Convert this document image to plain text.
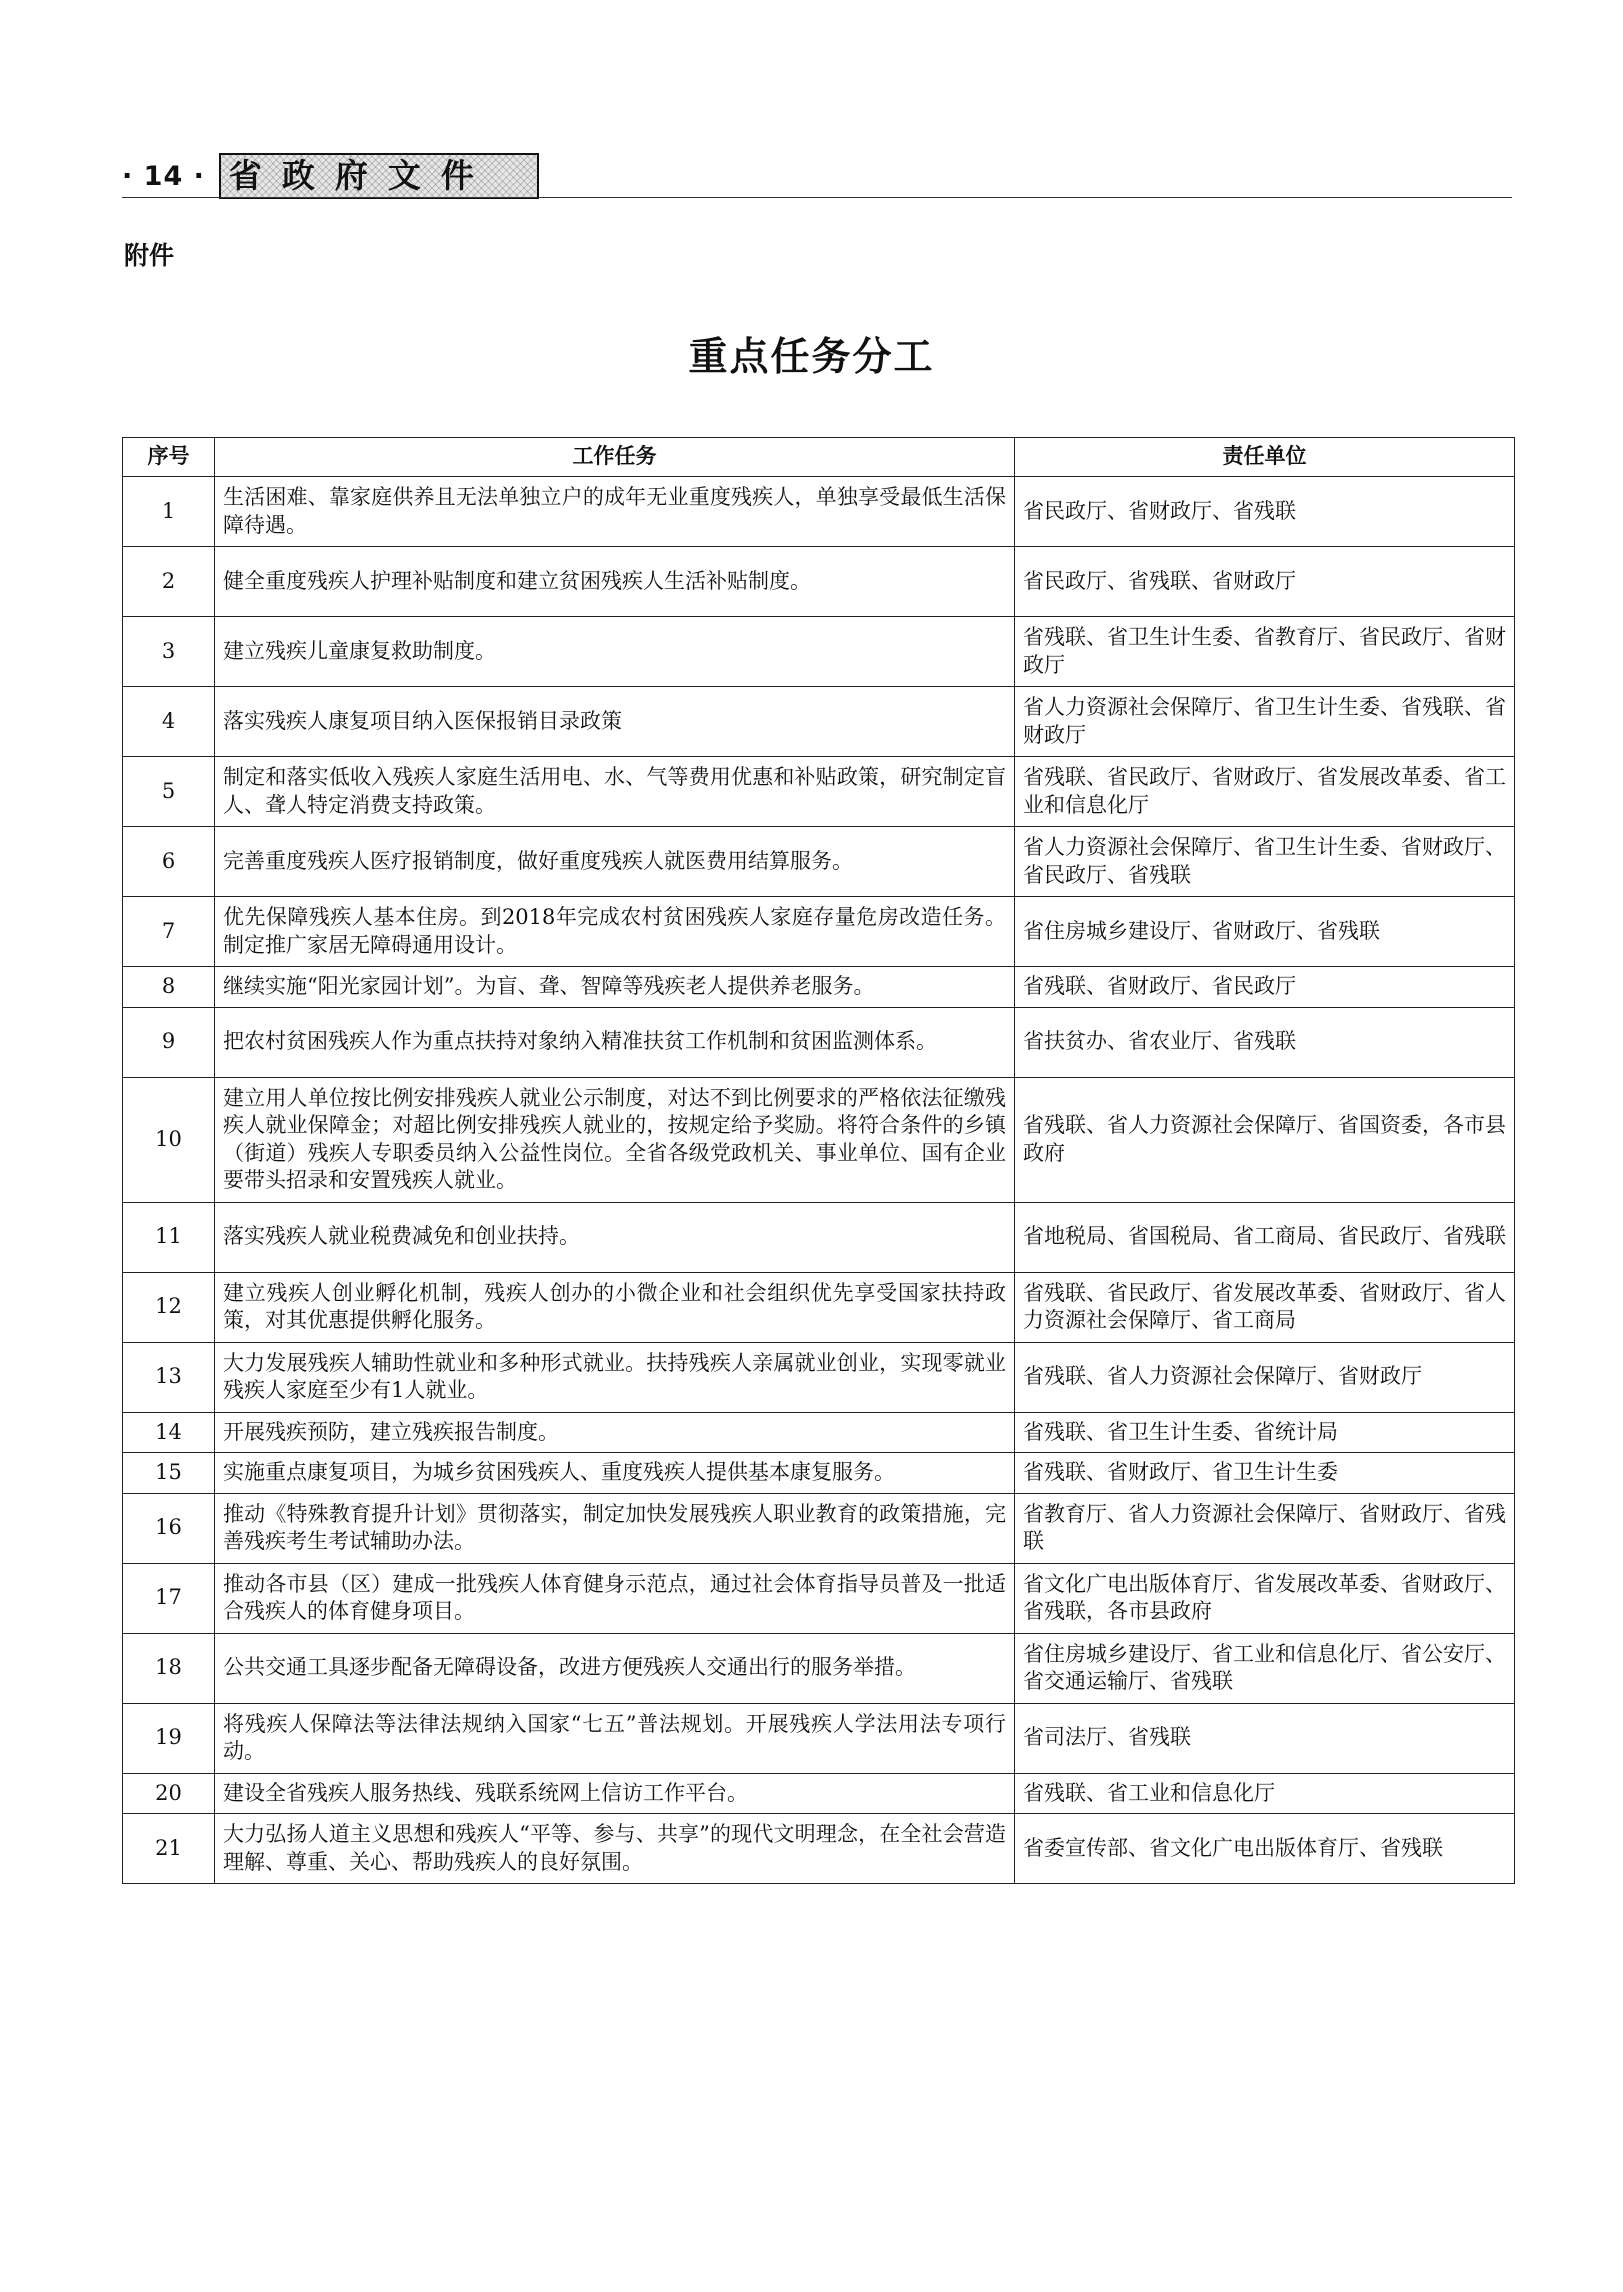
· 14 · 省政府文件
附件
重点任务分工
序号	工作任务	责任单位
1	生活困难、靠家庭供养且无法单独立户的成年无业重度残疾人，单独享受最低生活保障待遇。	省民政厅、省财政厅、省残联
2	健全重度残疾人护理补贴制度和建立贫困残疾人生活补贴制度。	省民政厅、省残联、省财政厅
3	建立残疾儿童康复救助制度。	省残联、省卫生计生委、省教育厅、省民政厅、省财政厅
4	落实残疾人康复项目纳入医保报销目录政策	省人力资源社会保障厅、省卫生计生委、省残联、省财政厅
5	制定和落实低收入残疾人家庭生活用电、水、气等费用优惠和补贴政策，研究制定盲人、聋人特定消费支持政策。	省残联、省民政厅、省财政厅、省发展改革委、省工业和信息化厅
6	完善重度残疾人医疗报销制度，做好重度残疾人就医费用结算服务。	省人力资源社会保障厅、省卫生计生委、省财政厅、省民政厅、省残联
7	优先保障残疾人基本住房。到2018年完成农村贫困残疾人家庭存量危房改造任务。制定推广家居无障碍通用设计。	省住房城乡建设厅、省财政厅、省残联
8	继续实施“阳光家园计划”。为盲、聋、智障等残疾老人提供养老服务。	省残联、省财政厅、省民政厅
9	把农村贫困残疾人作为重点扶持对象纳入精准扶贫工作机制和贫困监测体系。	省扶贫办、省农业厅、省残联
10	建立用人单位按比例安排残疾人就业公示制度，对达不到比例要求的严格依法征缴残疾人就业保障金；对超比例安排残疾人就业的，按规定给予奖励。将符合条件的乡镇（街道）残疾人专职委员纳入公益性岗位。全省各级党政机关、事业单位、国有企业要带头招录和安置残疾人就业。	省残联、省人力资源社会保障厅、省国资委，各市县政府
11	落实残疾人就业税费减免和创业扶持。	省地税局、省国税局、省工商局、省民政厅、省残联
12	建立残疾人创业孵化机制，残疾人创办的小微企业和社会组织优先享受国家扶持政策，对其优惠提供孵化服务。	省残联、省民政厅、省发展改革委、省财政厅、省人力资源社会保障厅、省工商局
13	大力发展残疾人辅助性就业和多种形式就业。扶持残疾人亲属就业创业，实现零就业残疾人家庭至少有1人就业。	省残联、省人力资源社会保障厅、省财政厅
14	开展残疾预防，建立残疾报告制度。	省残联、省卫生计生委、省统计局
15	实施重点康复项目，为城乡贫困残疾人、重度残疾人提供基本康复服务。	省残联、省财政厅、省卫生计生委
16	推动《特殊教育提升计划》贯彻落实，制定加快发展残疾人职业教育的政策措施，完善残疾考生考试辅助办法。	省教育厅、省人力资源社会保障厅、省财政厅、省残联
17	推动各市县（区）建成一批残疾人体育健身示范点，通过社会体育指导员普及一批适合残疾人的体育健身项目。	省文化广电出版体育厅、省发展改革委、省财政厅、省残联，各市县政府
18	公共交通工具逐步配备无障碍设备，改进方便残疾人交通出行的服务举措。	省住房城乡建设厅、省工业和信息化厅、省公安厅、省交通运输厅、省残联
19	将残疾人保障法等法律法规纳入国家“七五”普法规划。开展残疾人学法用法专项行动。	省司法厅、省残联
20	建设全省残疾人服务热线、残联系统网上信访工作平台。	省残联、省工业和信息化厅
21	大力弘扬人道主义思想和残疾人“平等、参与、共享”的现代文明理念，在全社会营造理解、尊重、关心、帮助残疾人的良好氛围。	省委宣传部、省文化广电出版体育厅、省残联
